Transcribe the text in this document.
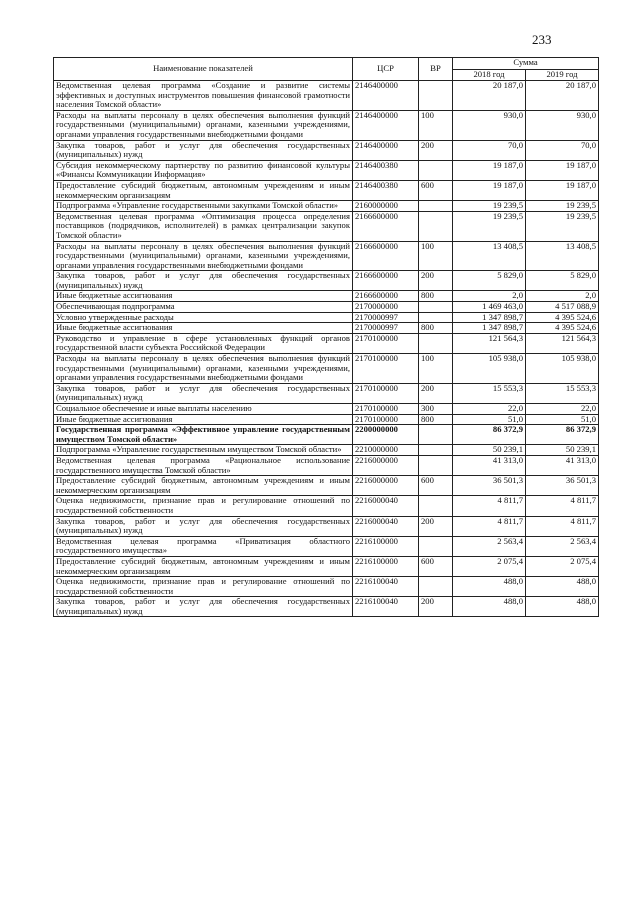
233
Наименование показателей	ЦСР	ВР	Сумма	
			2018 год	2019 год
Ведомственная целевая программа «Создание и развитие системы эффективных и доступных инструментов повышения финансовой грамотности населения Томской области»	2146400000		20 187,0	20 187,0
Расходы на выплаты персоналу в целях обеспечения выполнения функций государственными (муниципальными) органами, казенными учреждениями, органами управления государственными внебюджетными фондами	2146400000	100	930,0	930,0
Закупка товаров, работ и услуг для обеспечения государственных (муниципальных) нужд	2146400000	200	70,0	70,0
Субсидия некоммерческому партнерству по развитию финансовой культуры «Финансы Коммуникации Информация»	2146400380		19 187,0	19 187,0
Предоставление субсидий бюджетным, автономным учреждениям и иным некоммерческим организациям	2146400380	600	19 187,0	19 187,0
Подпрограмма «Управление государственными закупками Томской области»	2160000000		19 239,5	19 239,5
Ведомственная целевая программа «Оптимизация процесса определения поставщиков (подрядчиков, исполнителей) в рамках централизации закупок Томской области»	2166600000		19 239,5	19 239,5
Расходы на выплаты персоналу в целях обеспечения выполнения функций государственными (муниципальными) органами, казенными учреждениями, органами управления государственными внебюджетными фондами	2166600000	100	13 408,5	13 408,5
Закупка товаров, работ и услуг для обеспечения государственных (муниципальных) нужд	2166600000	200	5 829,0	5 829,0
Иные бюджетные ассигнования	2166600000	800	2,0	2,0
Обеспечивающая подпрограмма	2170000000		1 469 463,0	4 517 088,9
Условно утвержденные расходы	2170000997		1 347 898,7	4 395 524,6
Иные бюджетные ассигнования	2170000997	800	1 347 898,7	4 395 524,6
Руководство и управление в сфере установленных функций органов государственной власти субъекта Российской Федерации	2170100000		121 564,3	121 564,3
Расходы на выплаты персоналу в целях обеспечения выполнения функций государственными (муниципальными) органами, казенными учреждениями, органами управления государственными внебюджетными фондами	2170100000	100	105 938,0	105 938,0
Закупка товаров, работ и услуг для обеспечения государственных (муниципальных) нужд	2170100000	200	15 553,3	15 553,3
Социальное обеспечение и иные выплаты населению	2170100000	300	22,0	22,0
Иные бюджетные ассигнования	2170100000	800	51,0	51,0
Государственная программа «Эффективное управление государственным имуществом Томской области»	2200000000		86 372,9	86 372,9
Подпрограмма «Управление государственным имуществом Томской области»	2210000000		50 239,1	50 239,1
Ведомственная целевая программа «Рациональное использование государственного имущества Томской области»	2216000000		41 313,0	41 313,0
Предоставление субсидий бюджетным, автономным учреждениям и иным некоммерческим организациям	2216000000	600	36 501,3	36 501,3
Оценка недвижимости, признание прав и регулирование отношений по государственной собственности	2216000040		4 811,7	4 811,7
Закупка товаров, работ и услуг для обеспечения государственных (муниципальных) нужд	2216000040	200	4 811,7	4 811,7
Ведомственная целевая программа «Приватизация областного государственного имущества»	2216100000		2 563,4	2 563,4
Предоставление субсидий бюджетным, автономным учреждениям и иным некоммерческим организациям	2216100000	600	2 075,4	2 075,4
Оценка недвижимости, признание прав и регулирование отношений по государственной собственности	2216100040		488,0	488,0
Закупка товаров, работ и услуг для обеспечения государственных (муниципальных) нужд	2216100040	200	488,0	488,0
